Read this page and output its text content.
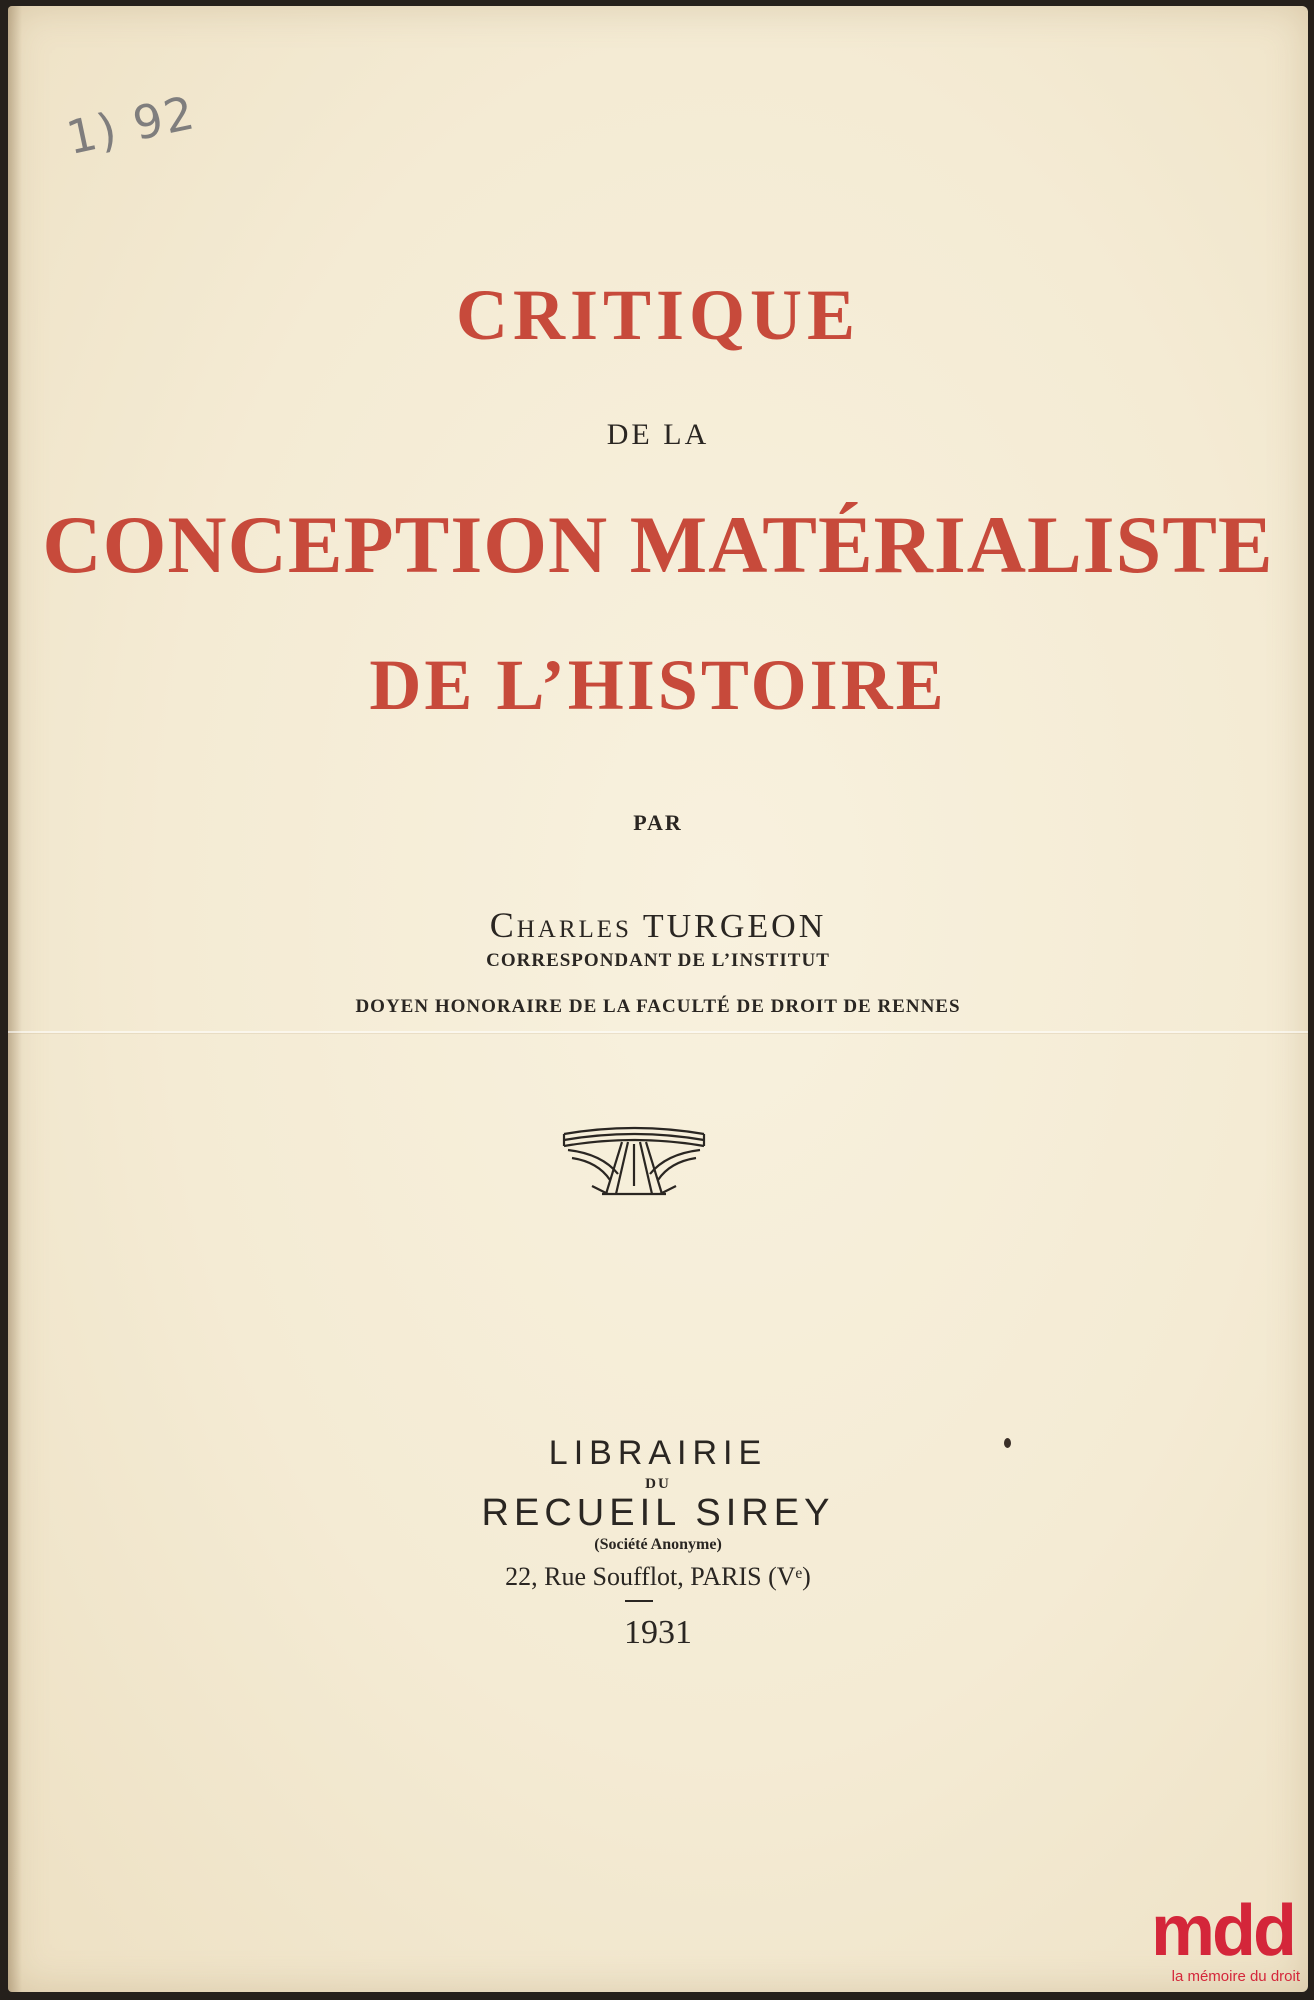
1) 92
CRITIQUE
DE LA
CONCEPTION MATÉRIALISTE
DE L’HISTOIRE
PAR
Charles TURGEON
CORRESPONDANT DE L’INSTITUT
DOYEN HONORAIRE DE LA FACULTÉ DE DROIT DE RENNES
LIBRAIRIE
DU
RECUEIL SIREY
(Société Anonyme)
22, Rue Soufflot, PARIS (Vᵉ)
1931
mdd
la mémoire du droit
